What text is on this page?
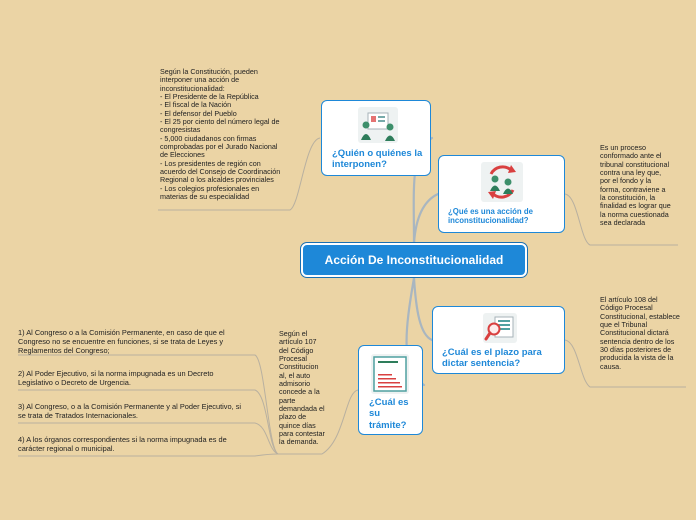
Acción De Inconstitucionalidad
¿Quién o quiénes la interponen?
Según la Constitución, pueden interponer una acción de inconstitucionalidad:
- El Presidente de la República
- El fiscal de la Nación
- El defensor del Pueblo
- El 25 por ciento del número legal de congresistas
- 5,000 ciudadanos con firmas comprobadas por el Jurado Nacional de Elecciones
- Los presidentes de región con acuerdo del Consejo de Coordinación Regional o los alcaldes provinciales
- Los colegios profesionales en materias de su especialidad
¿Qué es una acción de inconstitucionalidad?
Es un proceso conformado ante el tribunal constitucional contra una ley que, por el fondo y la forma, contraviene a la constitución, la finalidad es lograr que la norma cuestionada sea declarada
¿Cuál es el plazo para dictar sentencia?
El artículo 108 del Código Procesal Constitucional, establece que el Tribunal Constitucional dictará sentencia dentro de los 30 días posteriores de producida la vista de la causa.
¿Cuál es su trámite?
Según el artículo 107 del Código Procesal Constitucion al, el auto admisorio concede a la parte demandada el plazo de quince días para contestar la demanda.
1) Al Congreso o a la Comisión Permanente, en caso de que el Congreso no se encuentre en funciones, si se trata de Leyes y Reglamentos del Congreso;
2) Al Poder Ejecutivo, si la norma impugnada es un Decreto Legislativo o Decreto de Urgencia.
3) Al Congreso, o a la Comisión Permanente y al Poder Ejecutivo, si se trata de Tratados Internacionales.
4) A los órganos correspondientes si la norma impugnada es de carácter regional o municipal.
